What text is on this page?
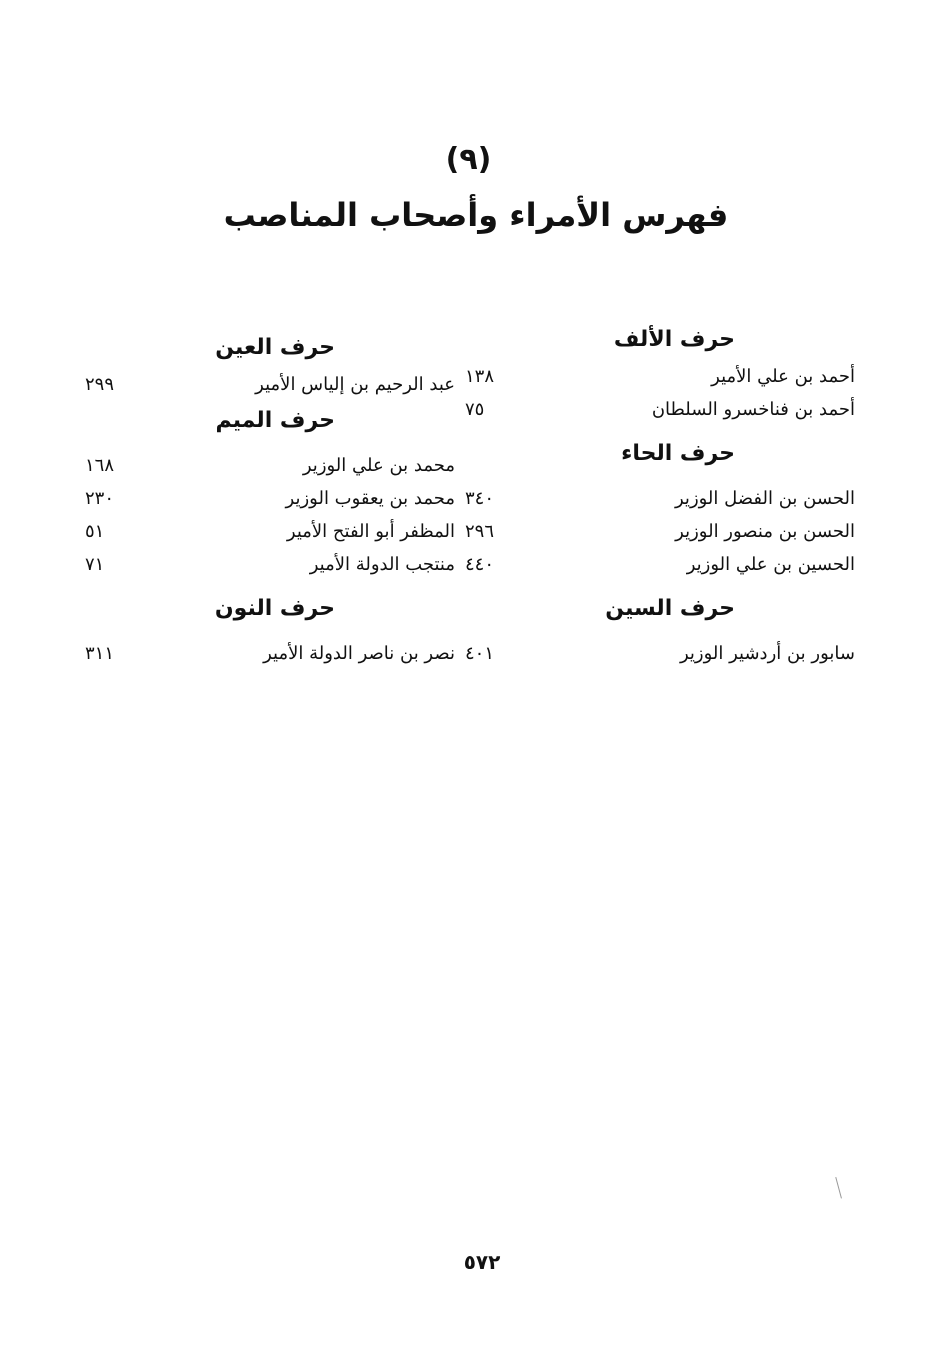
(٩)
فهرس الأمراء وأصحاب المناصب
حرف الألف
أحمد بن علي الأمير
١٣٨
أحمد بن فناخسرو السلطان
٧٥
حرف الحاء
الحسن بن الفضل الوزير
٣٤٠
الحسن بن منصور الوزير
٢٩٦
الحسين بن علي الوزير
٤٤٠
حرف السين
سابور بن أردشير الوزير
٤٠١
حرف العين
عبد الرحيم بن إلياس الأمير
٢٩٩
حرف الميم
محمد بن علي الوزير
١٦٨
محمد بن يعقوب الوزير
٢٣٠
المظفر أبو الفتح الأمير
٥١
منتجب الدولة الأمير
٧١
حرف النون
نصر بن ناصر الدولة الأمير
٣١١
٥٧٢
